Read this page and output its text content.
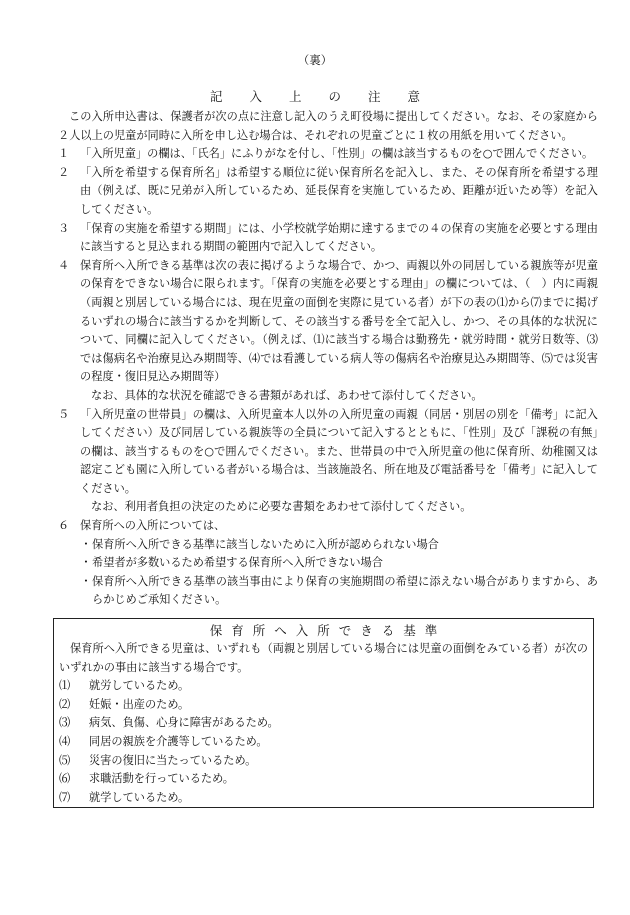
（裏）
記入上の注意

この入所申込書は、保護者が次の点に注意し記入のうえ町役場に提出してください。なお、その家庭から２人以上の児童が同時に入所を申し込む場合は、それぞれの児童ごとに１枚の用紙を用いてください。

１ 「入所児童」の欄は、「氏名」にふりがなを付し、「性別」の欄は該当するものを○で囲んでください。
２ 「入所を希望する保育所名」は希望する順位に従い保育所名を記入し、また、その保育所を希望する理由（例えば、既に兄弟が入所しているため、延長保育を実施しているため、距離が近いため等）を記入してください。
３ 「保育の実施を希望する期間」には、小学校就学始期に達するまでの４の保育の実施を必要とする理由に該当すると見込まれる期間の範囲内で記入してください。
４ 保育所へ入所できる基準は次の表に掲げるような場合で、かつ、両親以外の同居している親族等が児童の保育をできない場合に限られます。「保育の実施を必要とする理由」の欄については、（　）内に両親（両親と別居している場合には、現在児童の面倒を実際に見ている者）が下の表の⑴から⑺までに掲げるいずれの場合に該当するかを判断して、その該当する番号を全て記入し、かつ、その具体的な状況について、同欄に記入してください。（例えば、⑴に該当する場合は勤務先・就労時間・就労日数等、⑶では傷病名や治療見込み期間等、⑷では看護している病人等の傷病名や治療見込み期間等、⑸では災害の程度・復旧見込み期間等）

なお、具体的な状況を確認できる書類があれば、あわせて添付してください。

５ 「入所児童の世帯員」の欄は、入所児童本人以外の入所児童の両親（同居・別居の別を「備考」に記入してください）及び同居している親族等の全員について記入するとともに、「性別」及び「課税の有無」の欄は、該当するものを○で囲んでください。また、世帯員の中で入所児童の他に保育所、幼稚園又は認定こども園に入所している者がいる場合は、当該施設名、所在地及び電話番号を「備考」に記入してください。

なお、利用者負担の決定のために必要な書類をあわせて添付してください。

６ 保育所への入所については、
・ 保育所へ入所できる基準に該当しないために入所が認められない場合
・ 希望者が多数いるため希望する保育所へ入所できない場合
・ 保育所へ入所できる基準の該当事由により保育の実施期間の希望に添えない場合がありますから、あらかじめご承知ください。
保育所へ入所できる基準

保育所へ入所できる児童は、いずれも（両親と別居している場合には児童の面倒をみている者）が次のいずれかの事由に該当する場合です。

⑴	就労しているため。
⑵	妊娠・出産のため。
⑶	病気、負傷、心身に障害があるため。
⑷	同居の親族を介護等しているため。
⑸	災害の復旧に当たっているため。
⑹	求職活動を行っているため。
⑺	就学しているため。
